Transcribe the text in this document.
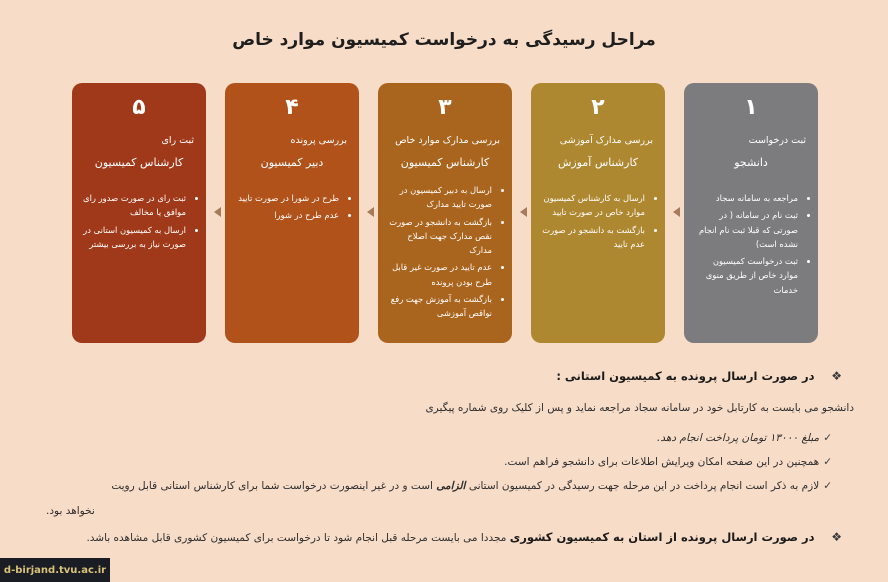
مراحل رسیدگی به درخواست کمیسیون موارد خاص
۱
ثبت درخواست
دانشجو
• مراجعه به سامانه سجاد
• ثبت نام در سامانه ( در صورتی که قبلا ثبت نام انجام نشده است)
• ثبت درخواست کمیسیون موارد خاص از طریق منوی خدمات
۲
بررسی مدارک آموزشی
کارشناس آموزش
• ارسال به کارشناس کمیسیون موارد خاص در صورت تایید
• بازگشت به دانشجو در صورت عدم تایید
۳
بررسی مدارک موارد خاص
کارشناس کمیسیون
• ارسال به دبیر کمیسیون در صورت تایید مدارک
• بازگشت به دانشجو در صورت نقص مدارک جهت اصلاح مدارک
• عدم تایید در صورت غیر قابل طرح بودن پرونده
• بازگشت به آموزش جهت رفع نواقص آموزشی
۴
بررسی پرونده
دبیر کمیسیون
• طرح در شورا در صورت تایید
• عدم طرح در شورا
۵
ثبت رای
کارشناس کمیسیون
• ثبت رای در صورت صدور رای موافق یا مخالف
• ارسال به کمیسیون استانی در صورت نیاز به بررسی بیشتر
❖     در صورت ارسال پرونده به کمیسیون استانی :
دانشجو می بایست به کارتابل خود در سامانه سجاد مراجعه نماید و پس از کلیک روی شماره پیگیری
✓مبلغ ۱۳۰۰۰ تومان پرداخت انجام دهد.
✓همچنین در این صفحه امکان ویرایش اطلاعات برای دانشجو فراهم است.
✓لازم به ذکر است انجام پرداخت در این مرحله جهت رسیدگی در کمیسیون استانی الزامی است و در غیر اینصورت درخواست شما برای کارشناس استانی قابل رویت
نخواهد بود.
❖     در صورت ارسال پرونده از استان به کمیسیون کشوری مجددا می بایست مرحله قبل انجام شود تا درخواست برای کمیسیون کشوری قابل مشاهده باشد.
d-birjand.tvu.ac.ir
